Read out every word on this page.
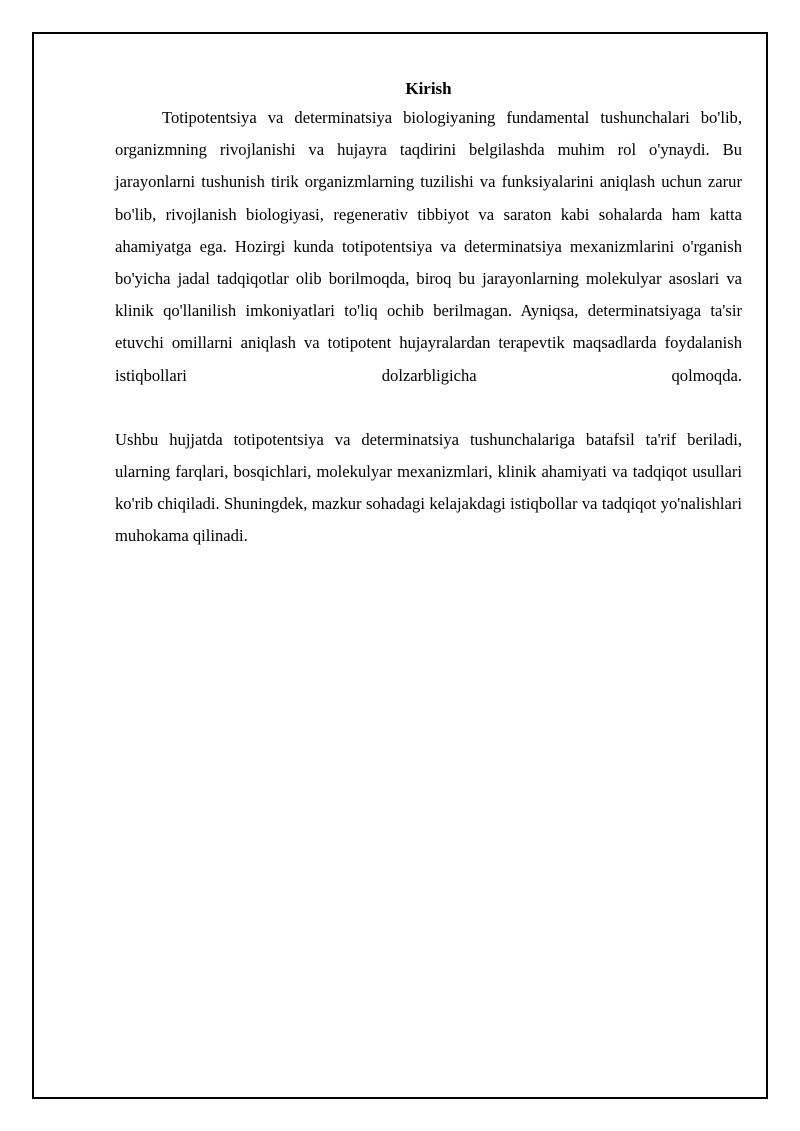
Kirish

Totipotentsiya va determinatsiya biologiyaning fundamental tushunchalari bo'lib, organizmning rivojlanishi va hujayra taqdirini belgilashda muhim rol o'ynaydi. Bu jarayonlarni tushunish tirik organizmlarning tuzilishi va funksiyalarini aniqlash uchun zarur bo'lib, rivojlanish biologiyasi, regenerativ tibbiyot va saraton kabi sohalarda ham katta ahamiyatga ega. Hozirgi kunda totipotentsiya va determinatsiya mexanizmlarini o'rganish bo'yicha jadal tadqiqotlar olib borilmoqda, biroq bu jarayonlarning molekulyar asoslari va klinik qo'llanilish imkoniyatlari to'liq ochib berilmagan. Ayniqsa, determinatsiyaga ta'sir etuvchi omillarni aniqlash va totipotent hujayralardan terapevtik maqsadlarda foydalanish istiqbollari dolzarbligicha qolmoqda.

Ushbu hujjatda totipotentsiya va determinatsiya tushunchalariga batafsil ta'rif beriladi, ularning farqlari, bosqichlari, molekulyar mexanizmlari, klinik ahamiyati va tadqiqot usullari ko'rib chiqiladi. Shuningdek, mazkur sohadagi kelajakdagi istiqbollar va tadqiqot yo'nalishlari muhokama qilinadi.
